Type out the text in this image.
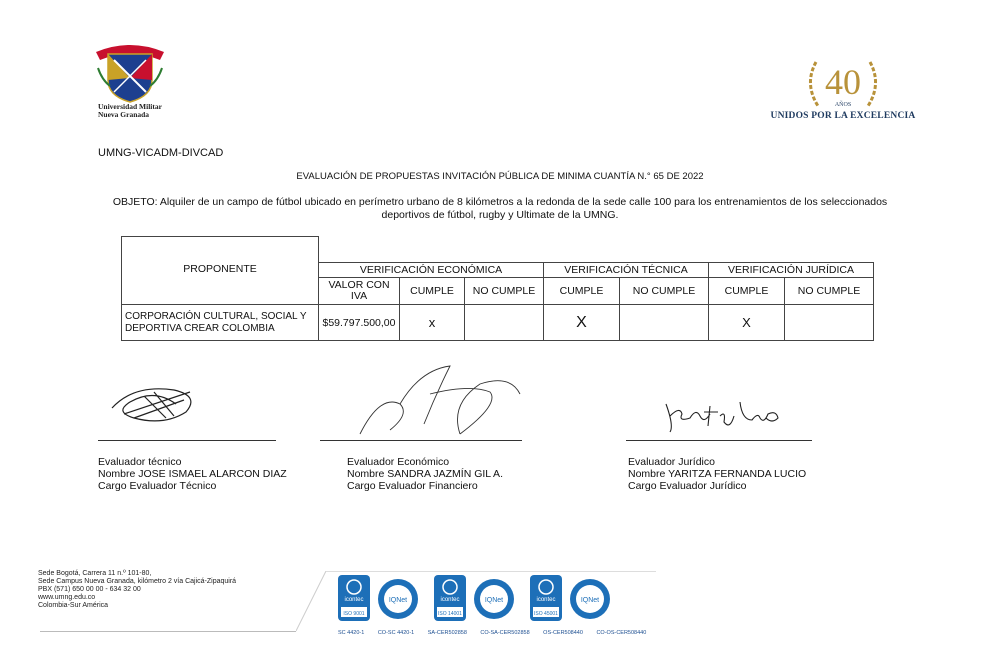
Universidad Militar
Nueva Granada
40
AÑOS
UNIDOS POR LA EXCELENCIA
UMNG-VICADM-DIVCAD
EVALUACIÓN DE PROPUESTAS INVITACIÓN PÚBLICA DE MINIMA CUANTÍA N.° 65 DE 2022
OBJETO: Alquiler de un campo de fútbol ubicado en perímetro urbano de 8 kilómetros a la redonda de la sede calle 100 para los entrenamientos de los seleccionados deportivos de fútbol, rugby y Ultimate de la UMNG.

PROPONENTE	VERIFICACIÓN ECONÓMICA			VERIFICACIÓN TÉCNICA		VERIFICACIÓN JURÍDICA	
	VALOR CON IVA	CUMPLE	NO CUMPLE	CUMPLE	NO CUMPLE	CUMPLE	NO CUMPLE
CORPORACIÓN CULTURAL, SOCIAL Y DEPORTIVA CREAR COLOMBIA	$59.797.500,00	x		X		X	
Evaluador técnico
Nombre JOSE ISMAEL ALARCON DIAZ
Cargo Evaluador Técnico
Evaluador Económico
Nombre SANDRA JAZMÍN GIL A.
Cargo Evaluador Financiero
Evaluador Jurídico
Nombre YARITZA FERNANDA LUCIO
Cargo Evaluador Jurídico
Sede Bogotá, Carrera 11 n.º 101-80,
Sede Campus Nueva Granada, kilómetro 2 vía Cajicá-Zipaquirá
PBX (571) 650 00 00 - 634 32 00
www.umng.edu.co
Colombia-Sur América
icontec
ISO 9001
IQNet	icontec
ISO 14001
IQNet	icontec
ISO 45001
IQNet
SC 4420-1 CO-SC 4420-1 SA-CER502858 CO-SA-CER502858 OS-CER508440 CO-OS-CER508440
